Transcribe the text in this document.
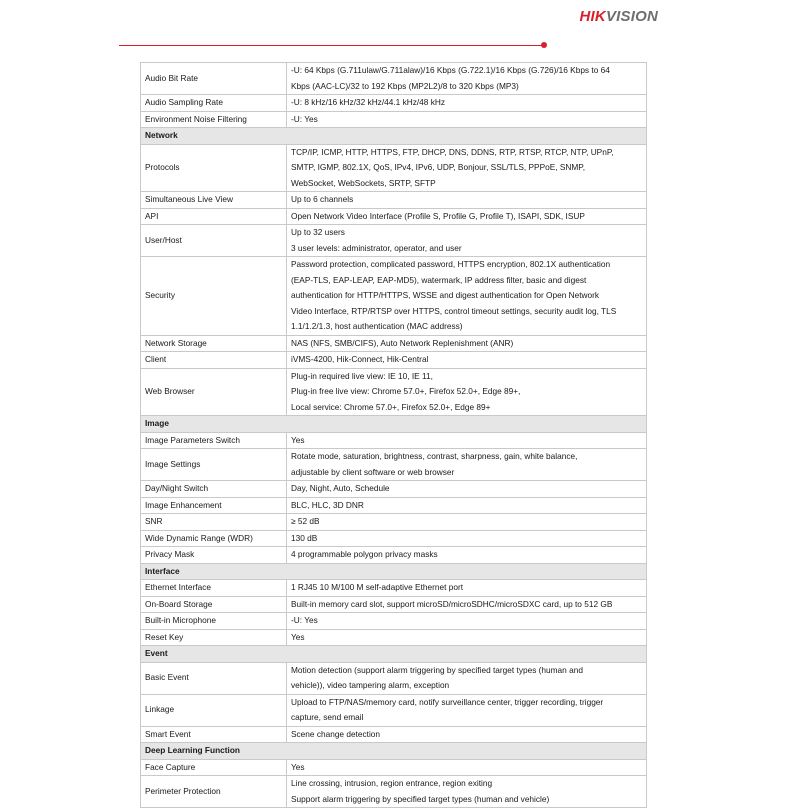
HIKVISION
Audio Bit Rate	-U: 64 Kbps (G.711ulaw/G.711alaw)/16 Kbps (G.722.1)/16 Kbps (G.726)/16 Kbps to 64
Kbps (AAC-LC)/32 to 192 Kbps (MP2L2)/8 to 320 Kbps (MP3)

Audio Sampling Rate	-U: 8 kHz/16 kHz/32 kHz/44.1 kHz/48 kHz

Environment Noise Filtering	-U: Yes

Network	
Protocols	TCP/IP, ICMP, HTTP, HTTPS, FTP, DHCP, DNS, DDNS, RTP, RTSP, RTCP, NTP, UPnP,
SMTP, IGMP, 802.1X, QoS, IPv4, IPv6, UDP, Bonjour, SSL/TLS, PPPoE, SNMP,
WebSocket, WebSockets, SRTP, SFTP

Simultaneous Live View	Up to 6 channels

API	Open Network Video Interface (Profile S, Profile G, Profile T), ISAPI, SDK, ISUP

User/Host	Up to 32 users
3 user levels: administrator, operator, and user

Security	Password protection, complicated password, HTTPS encryption, 802.1X authentication
(EAP-TLS, EAP-LEAP, EAP-MD5), watermark, IP address filter, basic and digest
authentication for HTTP/HTTPS, WSSE and digest authentication for Open Network
Video Interface, RTP/RTSP over HTTPS, control timeout settings, security audit log, TLS
1.1/1.2/1.3, host authentication (MAC address)

Network Storage	NAS (NFS, SMB/CIFS), Auto Network Replenishment (ANR)

Client	iVMS-4200, Hik-Connect, Hik-Central

Web Browser	Plug-in required live view: IE 10, IE 11,
Plug-in free live view: Chrome 57.0+, Firefox 52.0+, Edge 89+,
Local service: Chrome 57.0+, Firefox 52.0+, Edge 89+

Image	
Image Parameters Switch	Yes

Image Settings	Rotate mode, saturation, brightness, contrast, sharpness, gain, white balance,
adjustable by client software or web browser

Day/Night Switch	Day, Night, Auto, Schedule

Image Enhancement	BLC, HLC, 3D DNR

SNR	≥ 52 dB

Wide Dynamic Range (WDR)	130 dB

Privacy Mask	4 programmable polygon privacy masks

Interface	
Ethernet Interface	1 RJ45 10 M/100 M self-adaptive Ethernet port

On-Board Storage	Built-in memory card slot, support microSD/microSDHC/microSDXC card, up to 512 GB

Built-in Microphone	-U: Yes

Reset Key	Yes

Event	
Basic Event	Motion detection (support alarm triggering by specified target types (human and
vehicle)), video tampering alarm, exception

Linkage	Upload to FTP/NAS/memory card, notify surveillance center, trigger recording, trigger
capture, send email

Smart Event	Scene change detection

Deep Learning Function	
Face Capture	Yes

Perimeter Protection	Line crossing, intrusion, region entrance, region exiting
Support alarm triggering by specified target types (human and vehicle)
